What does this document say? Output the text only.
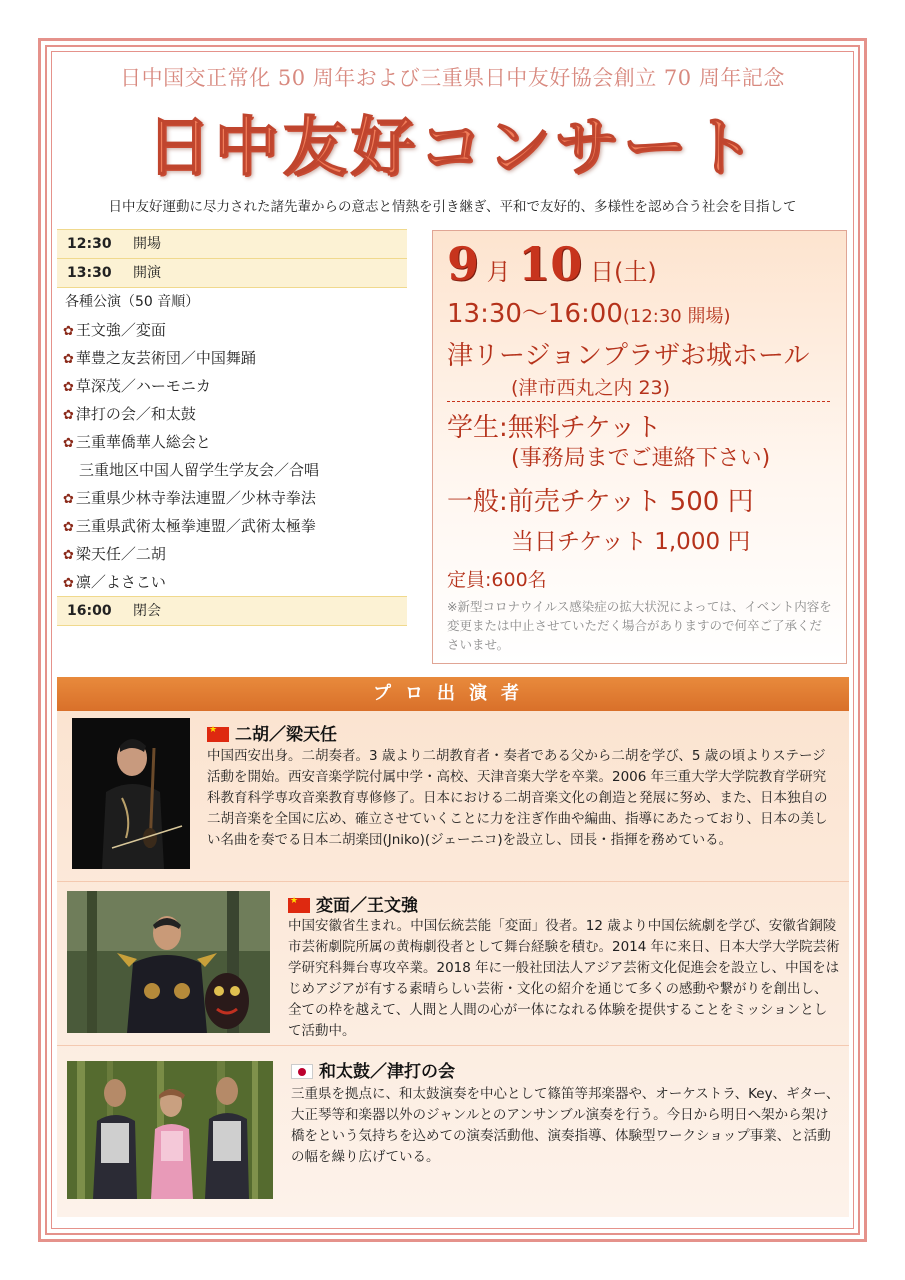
日中国交正常化 50 周年および三重県日中友好協会創立 70 周年記念
日中友好コンサート
日中友好運動に尽力された諸先輩からの意志と情熱を引き継ぎ、平和で友好的、多様性を認め合う社会を目指して
12:30	開場
13:30	開演
各種公演（50 音順）
✿ 王文強／変面
✿ 華豊之友芸術団／中国舞踊
✿ 草深茂／ハーモニカ
✿ 津打の会／和太鼓
✿ 三重華僑華人総会と
三重地区中国人留学生学友会／合唱
✿ 三重県少林寺拳法連盟／少林寺拳法
✿ 三重県武術太極拳連盟／武術太極拳
✿ 梁天任／二胡
✿ 凛／よさこい
16:00	閉会
9 月 10 日(土)
13:30～16:00(12:30 開場)
津リージョンプラザお城ホール
(津市西丸之内 23)
学生:無料チケット
(事務局までご連絡下さい)
一般:前売チケット 500 円
当日チケット 1,000 円
定員:600名
※新型コロナウイルス感染症の拡大状況によっては、イベント内容を変更または中止させていただく場合がありますので何卒ご了承くださいませ。
プロ出演者
★二胡／梁天任
中国西安出身。二胡奏者。3 歳より二胡教育者・奏者である父から二胡を学び、5 歳の頃よりステージ活動を開始。西安音楽学院付属中学・高校、天津音楽大学を卒業。2006 年三重大学大学院教育学研究科教育科学専攻音楽教育専修修了。日本における二胡音楽文化の創造と発展に努め、また、日本独自の二胡音楽を全国に広め、確立させていくことに力を注ぎ作曲や編曲、指導にあたっており、日本の美しい名曲を奏でる日本二胡楽団(Jniko)(ジェーニコ)を設立し、団長・指揮を務めている。
★変面／王文強
中国安徽省生まれ。中国伝統芸能「変面」役者。12 歳より中国伝統劇を学び、安徽省銅陵市芸術劇院所属の黄梅劇役者として舞台経験を積む。2014 年に来日、日本大学大学院芸術学研究科舞台専攻卒業。2018 年に一般社団法人アジア芸術文化促進会を設立し、中国をはじめアジアが有する素晴らしい芸術・文化の紹介を通じて多くの感動や繋がりを創出し、全ての枠を越えて、人間と人間の心が一体になれる体験を提供することをミッションとして活動中。
和太鼓／津打の会
三重県を拠点に、和太鼓演奏を中心として篠笛等邦楽器や、オーケストラ、Key、ギター、大正琴等和楽器以外のジャンルとのアンサンブル演奏を行う。今日から明日へ架から架け橋をという気持ちを込めての演奏活動他、演奏指導、体験型ワークショップ事業、と活動の幅を繰り広げている。
